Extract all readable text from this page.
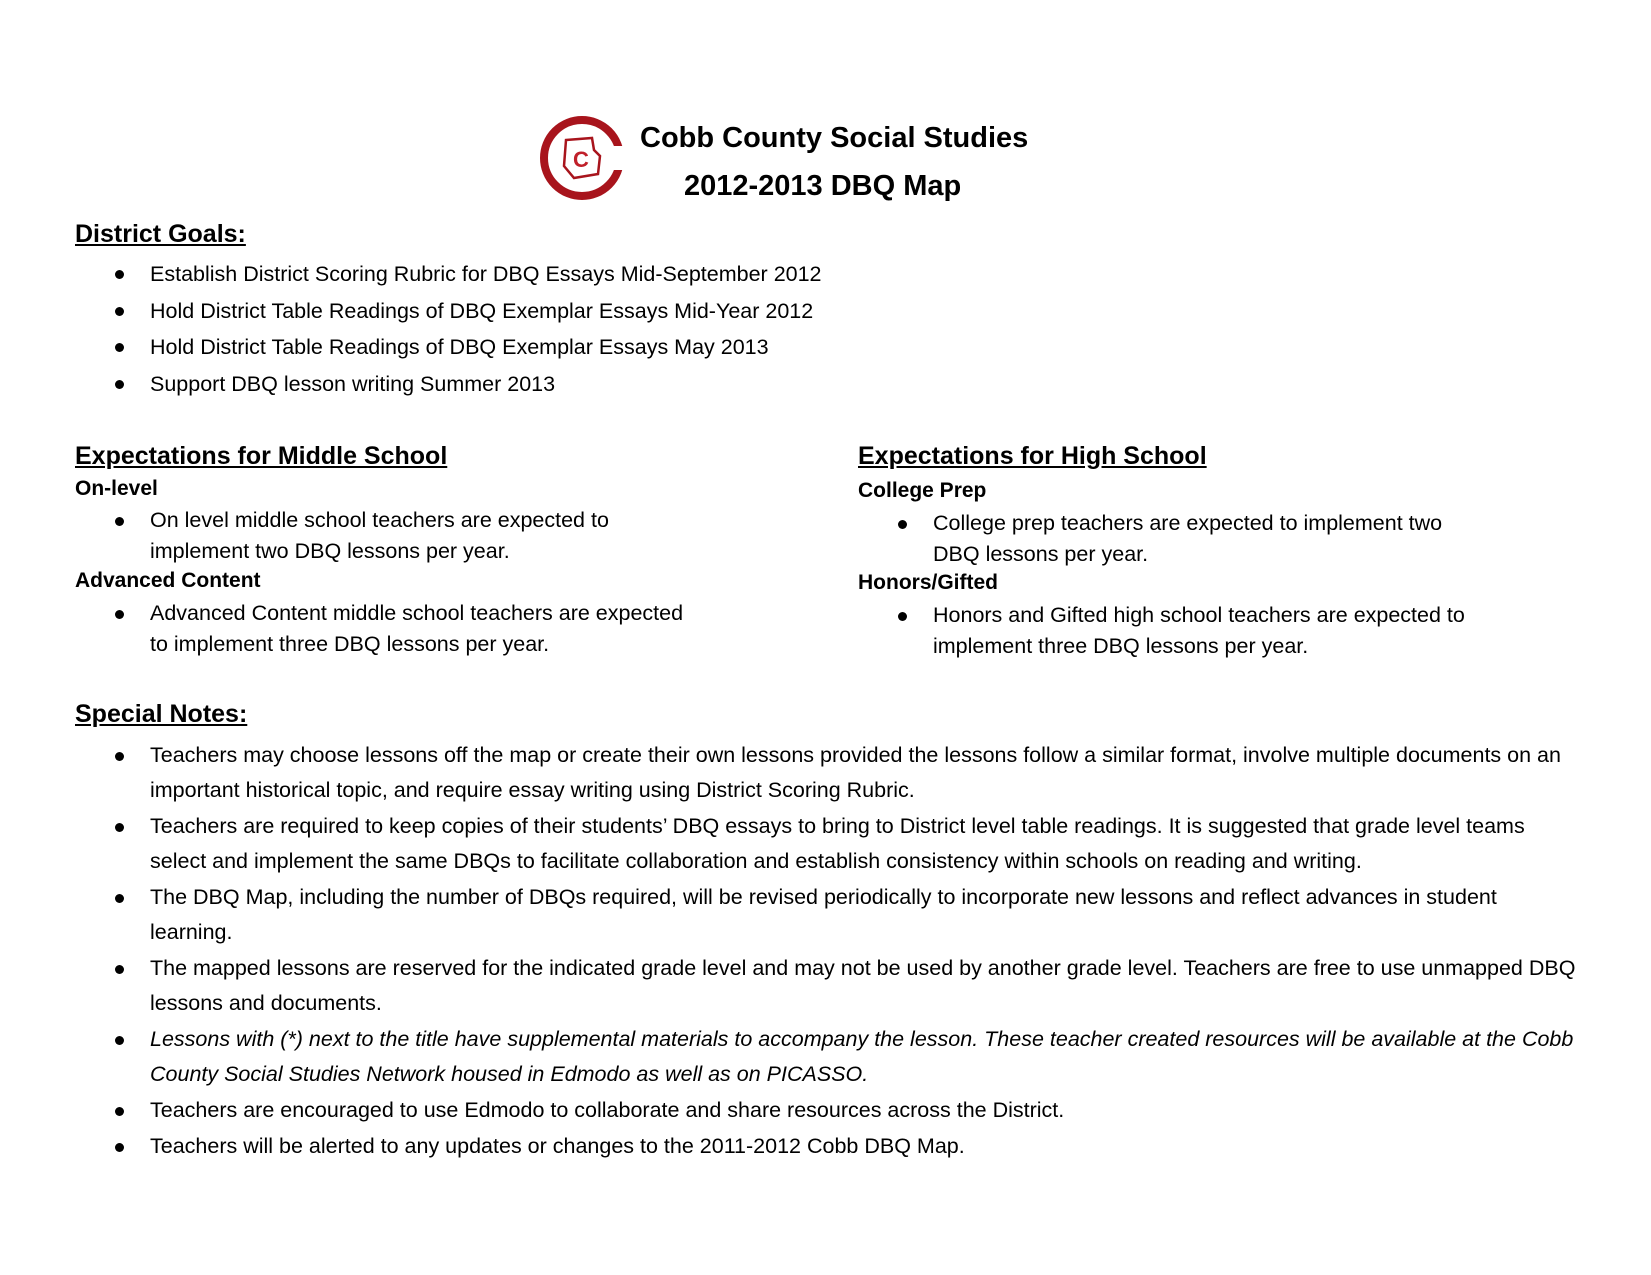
C
Cobb County Social Studies
2012-2013 DBQ Map
District Goals:
Establish District Scoring Rubric for DBQ Essays Mid-September 2012
Hold District Table Readings of DBQ Exemplar Essays Mid-Year 2012
Hold District Table Readings of DBQ Exemplar Essays May 2013
Support DBQ lesson writing Summer 2013
Expectations for Middle School
On-level
On level middle school teachers are expected to implement two DBQ lessons per year.
Advanced Content
Advanced Content middle school teachers are expected to implement three DBQ lessons per year.
Expectations for High School
College Prep
College prep teachers are expected to implement two DBQ lessons per year.
Honors/Gifted
Honors and Gifted high school teachers are expected to implement three DBQ lessons per year.
Special Notes:
Teachers may choose lessons off the map or create their own lessons provided the lessons follow a similar format, involve multiple documents on an important historical topic, and require essay writing using District Scoring Rubric.
Teachers are required to keep copies of their students’ DBQ essays to bring to District level table readings. It is suggested that grade level teams select and implement the same DBQs to facilitate collaboration and establish consistency within schools on reading and writing.
The DBQ Map, including the number of DBQs required, will be revised periodically to incorporate new lessons and reflect advances in student learning.
The mapped lessons are reserved for the indicated grade level and may not be used by another grade level. Teachers are free to use unmapped DBQ lessons and documents.
Lessons with (*) next to the title have supplemental materials to accompany the lesson. These teacher created resources will be available at the Cobb County Social Studies Network housed in Edmodo as well as on PICASSO.
Teachers are encouraged to use Edmodo to collaborate and share resources across the District.
Teachers will be alerted to any updates or changes to the 2011-2012 Cobb DBQ Map.
